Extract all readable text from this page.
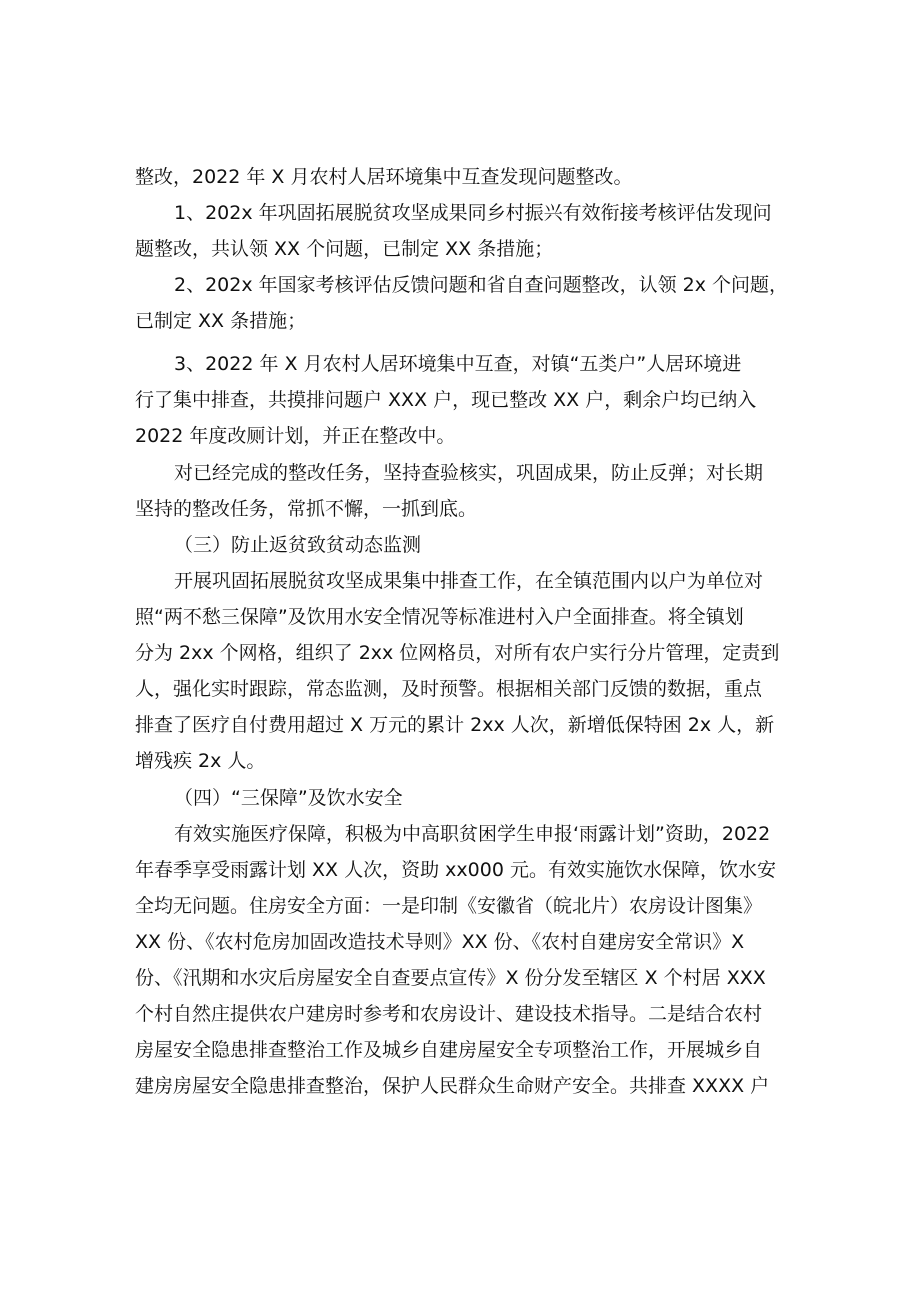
整改，2022 年 X 月农村人居环境集中互查发现问题整改。
1、202x 年巩固拓展脱贫攻坚成果同乡村振兴有效衔接考核评估发现问
题整改，共认领 XX 个问题，已制定 XX 条措施；
2、202x 年国家考核评估反馈问题和省自查问题整改，认领 2x 个问题，
已制定 XX 条措施；
3、2022 年 X 月农村人居环境集中互查，对镇“五类户”人居环境进
行了集中排查，共摸排问题户 XXX 户，现已整改 XX 户，剩余户均已纳入
2022 年度改厕计划，并正在整改中。
对已经完成的整改任务，坚持查验核实，巩固成果，防止反弹；对长期
坚持的整改任务，常抓不懈，一抓到底。
（三）防止返贫致贫动态监测
开展巩固拓展脱贫攻坚成果集中排查工作，在全镇范围内以户为单位对
照“两不愁三保障”及饮用水安全情况等标准进村入户全面排查。将全镇划
分为 2xx 个网格，组织了 2xx 位网格员，对所有农户实行分片管理，定责到
人，强化实时跟踪，常态监测，及时预警。根据相关部门反馈的数据，重点
排查了医疗自付费用超过 X 万元的累计 2xx 人次，新增低保特困 2x 人，新
增残疾 2x 人。
（四）“三保障”及饮水安全
有效实施医疗保障，积极为中高职贫困学生申报‘雨露计划”资助，2022
年春季享受雨露计划 XX 人次，资助 xx000 元。有效实施饮水保障，饮水安
全均无问题。住房安全方面：一是印制《安徽省（皖北片）农房设计图集》
XX 份、《农村危房加固改造技术导则》XX 份、《农村自建房安全常识》X
份、《汛期和水灾后房屋安全自查要点宣传》X 份分发至辖区 X 个村居 XXX
个村自然庄提供农户建房时参考和农房设计、建设技术指导。二是结合农村
房屋安全隐患排查整治工作及城乡自建房屋安全专项整治工作，开展城乡自
建房房屋安全隐患排查整治，保护人民群众生命财产安全。共排查 XXXX 户
